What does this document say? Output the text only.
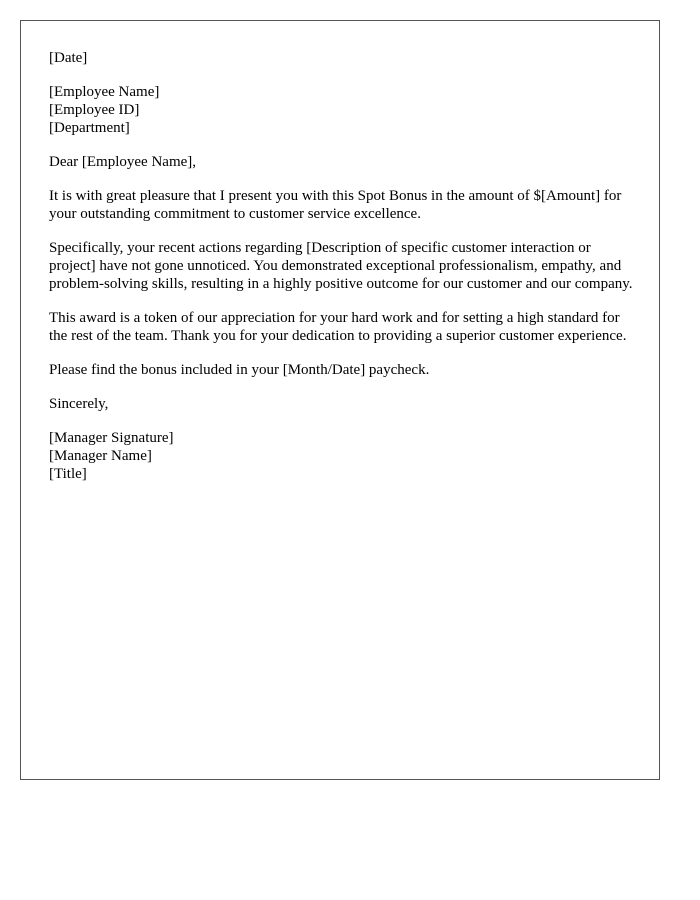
[Date]

[Employee Name]
[Employee ID]
[Department]

Dear [Employee Name],

It is with great pleasure that I present you with this Spot Bonus in the amount of $[Amount] for your outstanding commitment to customer service excellence.

Specifically, your recent actions regarding [Description of specific customer interaction or project] have not gone unnoticed. You demonstrated exceptional professionalism, empathy, and problem-solving skills, resulting in a highly positive outcome for our customer and our company.

This award is a token of our appreciation for your hard work and for setting a high standard for the rest of the team. Thank you for your dedication to providing a superior customer experience.

Please find the bonus included in your [Month/Date] paycheck.

Sincerely,

[Manager Signature]
[Manager Name]
[Title]
